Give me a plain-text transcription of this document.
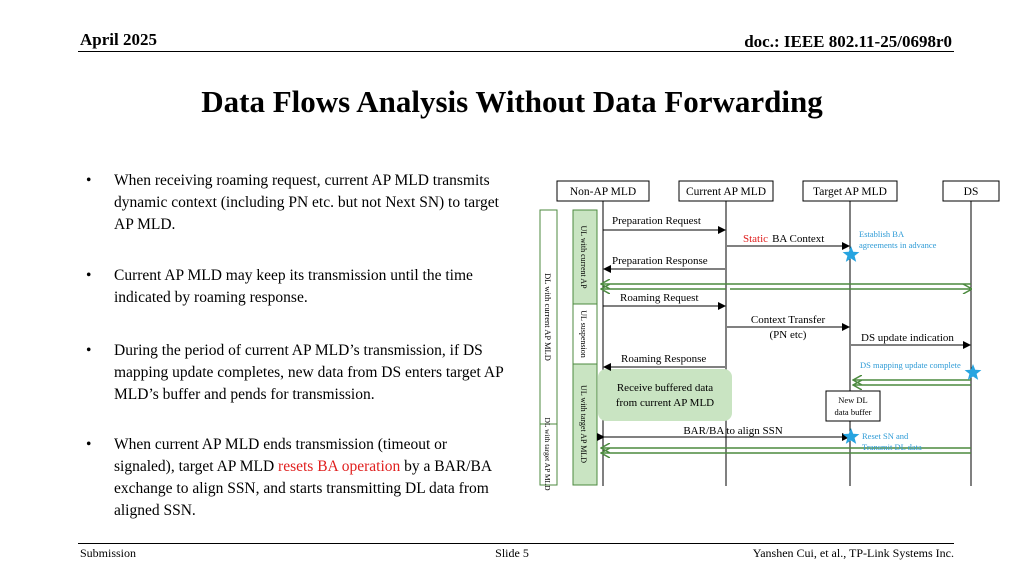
April 2025	doc.: IEEE 802.11-25/0698r0
Data Flows Analysis Without Data Forwarding
• When receiving roaming request, current AP MLD transmits dynamic context (including PN etc. but not Next SN) to target AP MLD.
• Current AP MLD may keep its transmission until the time indicated by roaming response.
• During the period of current AP MLD’s transmission, if DS mapping update completes, new data from DS enters target AP MLD’s buffer and pends for transmission.
• When current AP MLD ends transmission (timeout or signaled), target AP MLD resets BA operation by a BAR/BA exchange to align SSN, and starts transmitting DL data from aligned SSN.
Non-AP MLD	Current AP MLD	Target AP MLD	DS
DL with current AP MLD
DL with target AP MLD
UL with current AP
UL suspension
UL with target AP MLD	Receive buffered data
from current AP MLD
Preparation Request
Static BA Context
Preparation Response
Roaming Request
Context Transfer
(PN etc)	DS update indication
Roaming Response
BAR/BA to align SSN
New DL
data buffer
Establish BA
agreements in advance
DS mapping update complete
Reset SN and
Transmit DL data
Submission	Slide 5	Yanshen Cui, et al., TP-Link Systems Inc.
